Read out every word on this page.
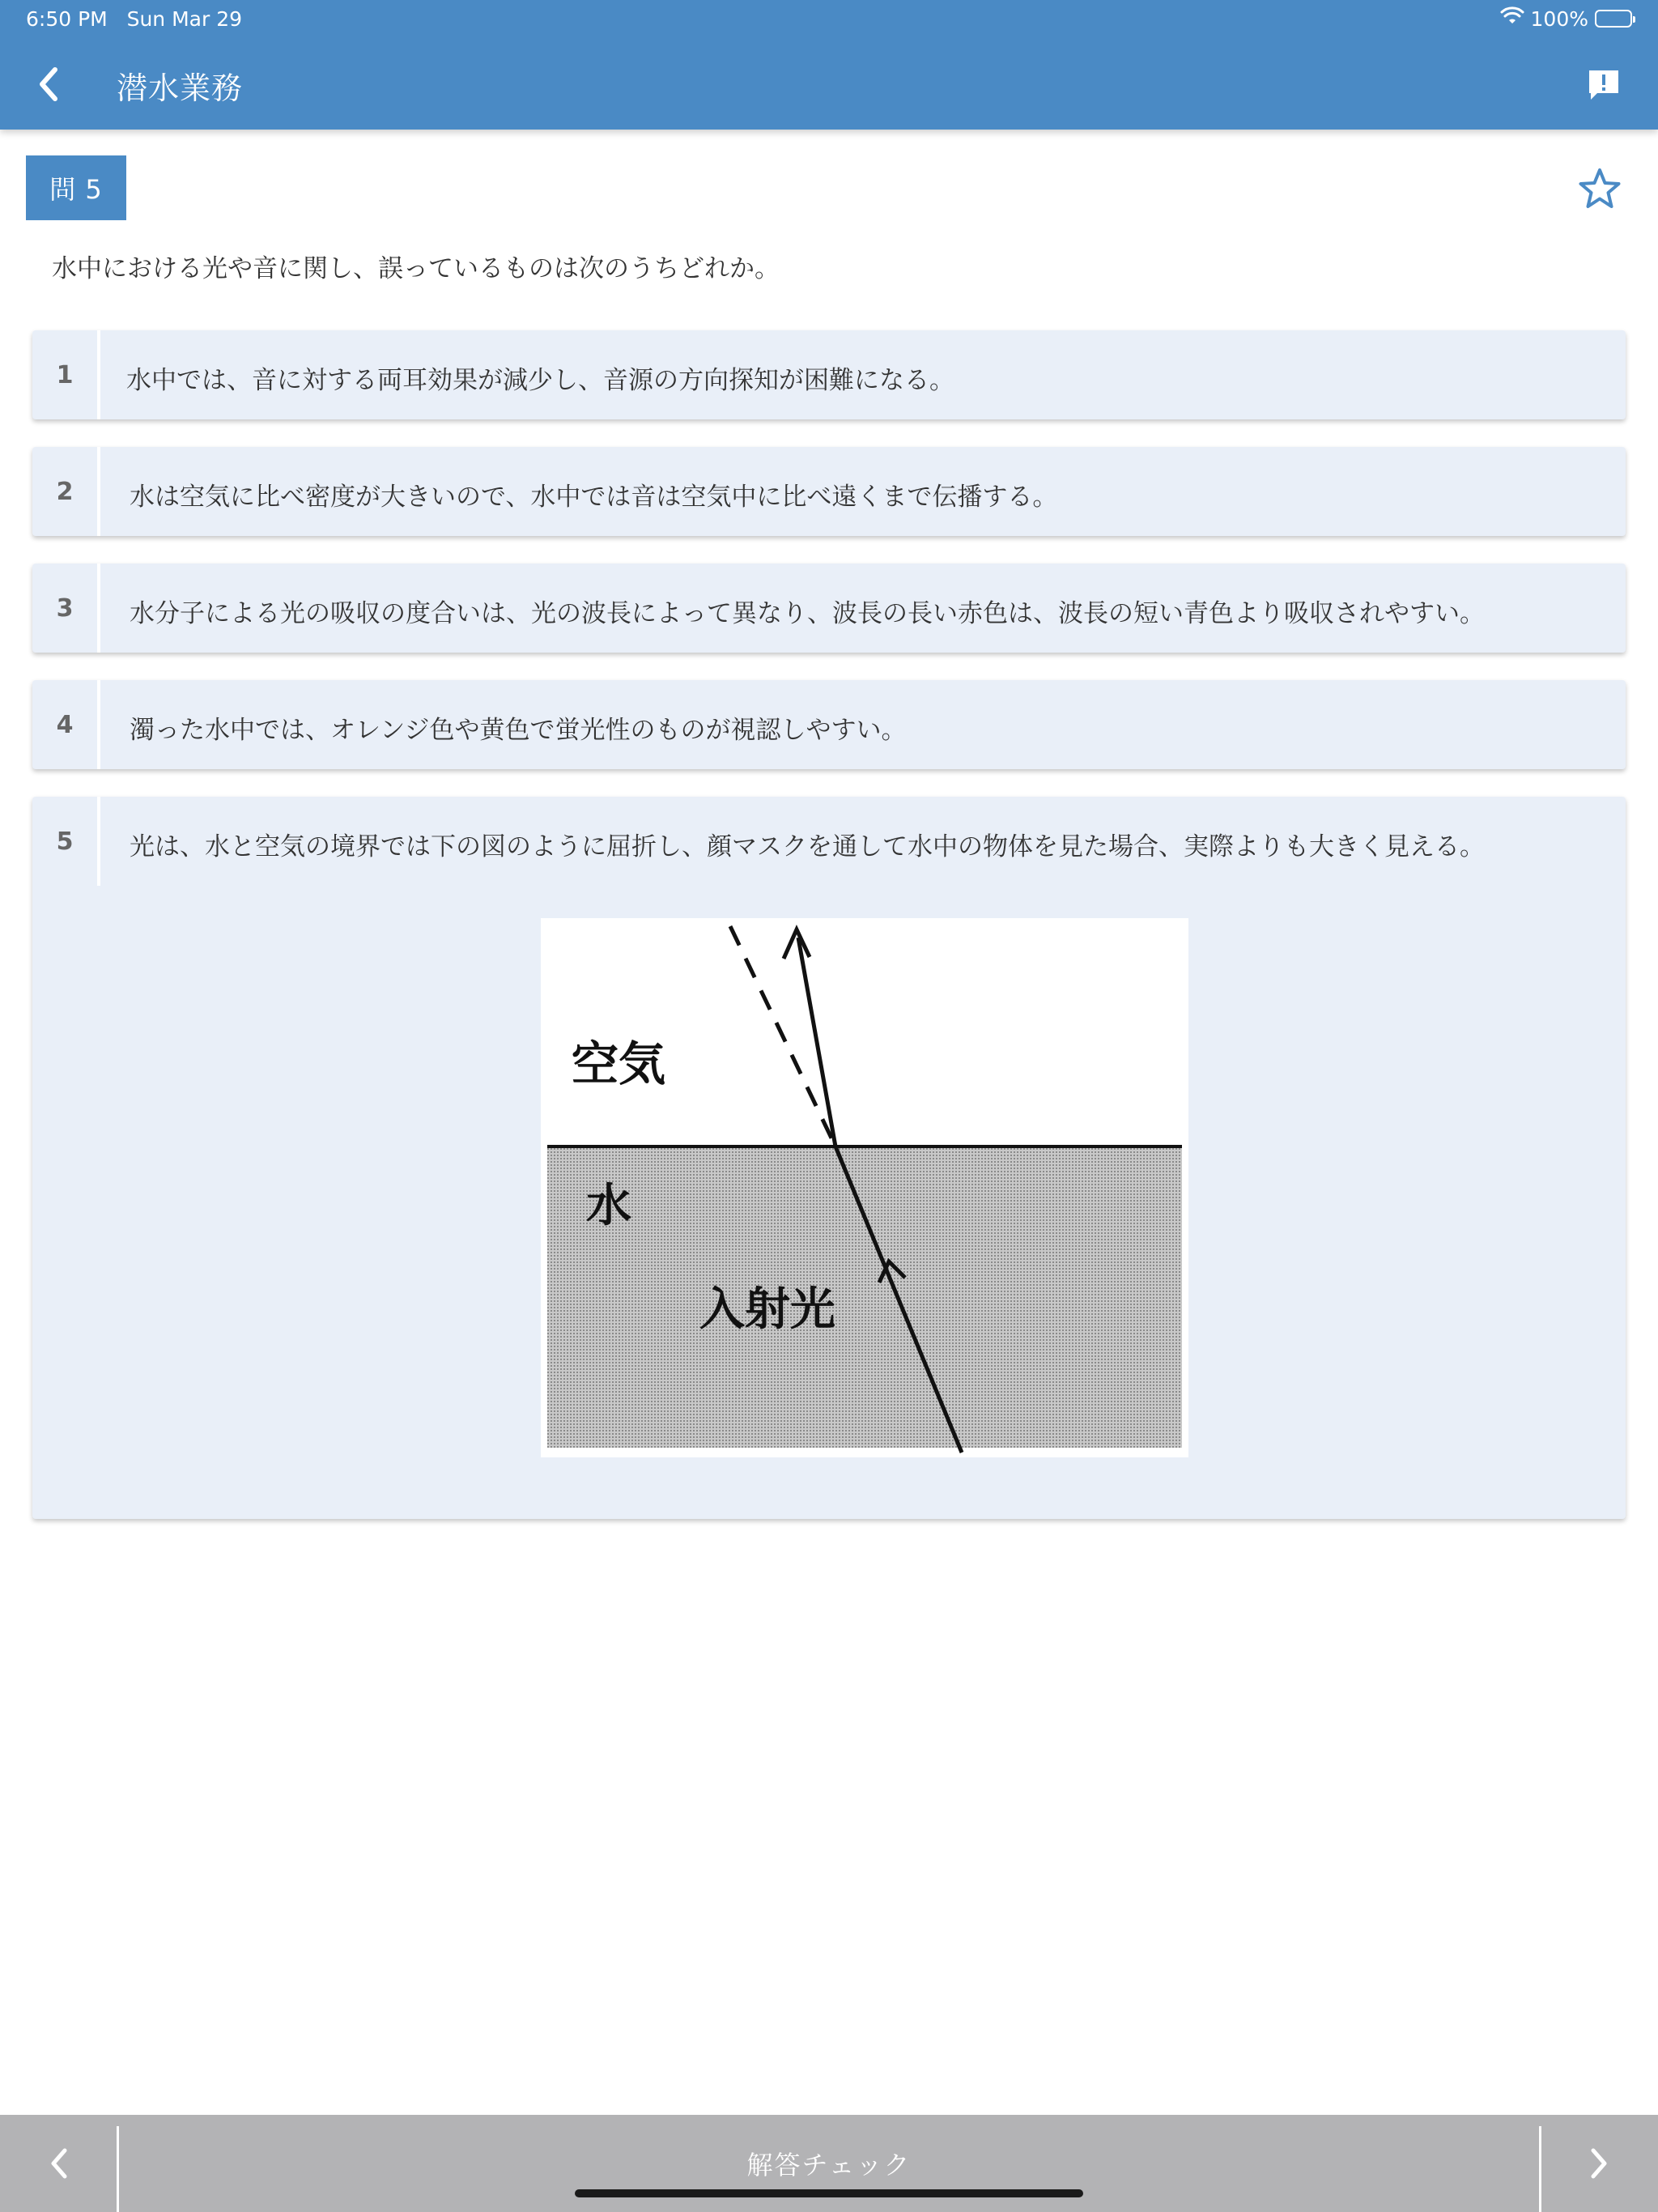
6:50 PM Sun Mar 29	100%
潜水業務
問 5
水中における光や音に関し、誤っているものは次のうちどれか。
1	水中では、音に対する両耳効果が減少し、音源の方向探知が困難になる。
2	水は空気に比べ密度が大きいので、水中では音は空気中に比べ遠くまで伝播する。
3	水分子による光の吸収の度合いは、光の波長によって異なり、波長の長い赤色は、波長の短い青色より吸収されやすい。
4	濁った水中では、オレンジ色や黄色で蛍光性のものが視認しやすい。
5	光は、水と空気の境界では下の図のように屈折し、顔マスクを通して水中の物体を見た場合、実際よりも大きく見える。
空気
水
入射光
解答チェック
